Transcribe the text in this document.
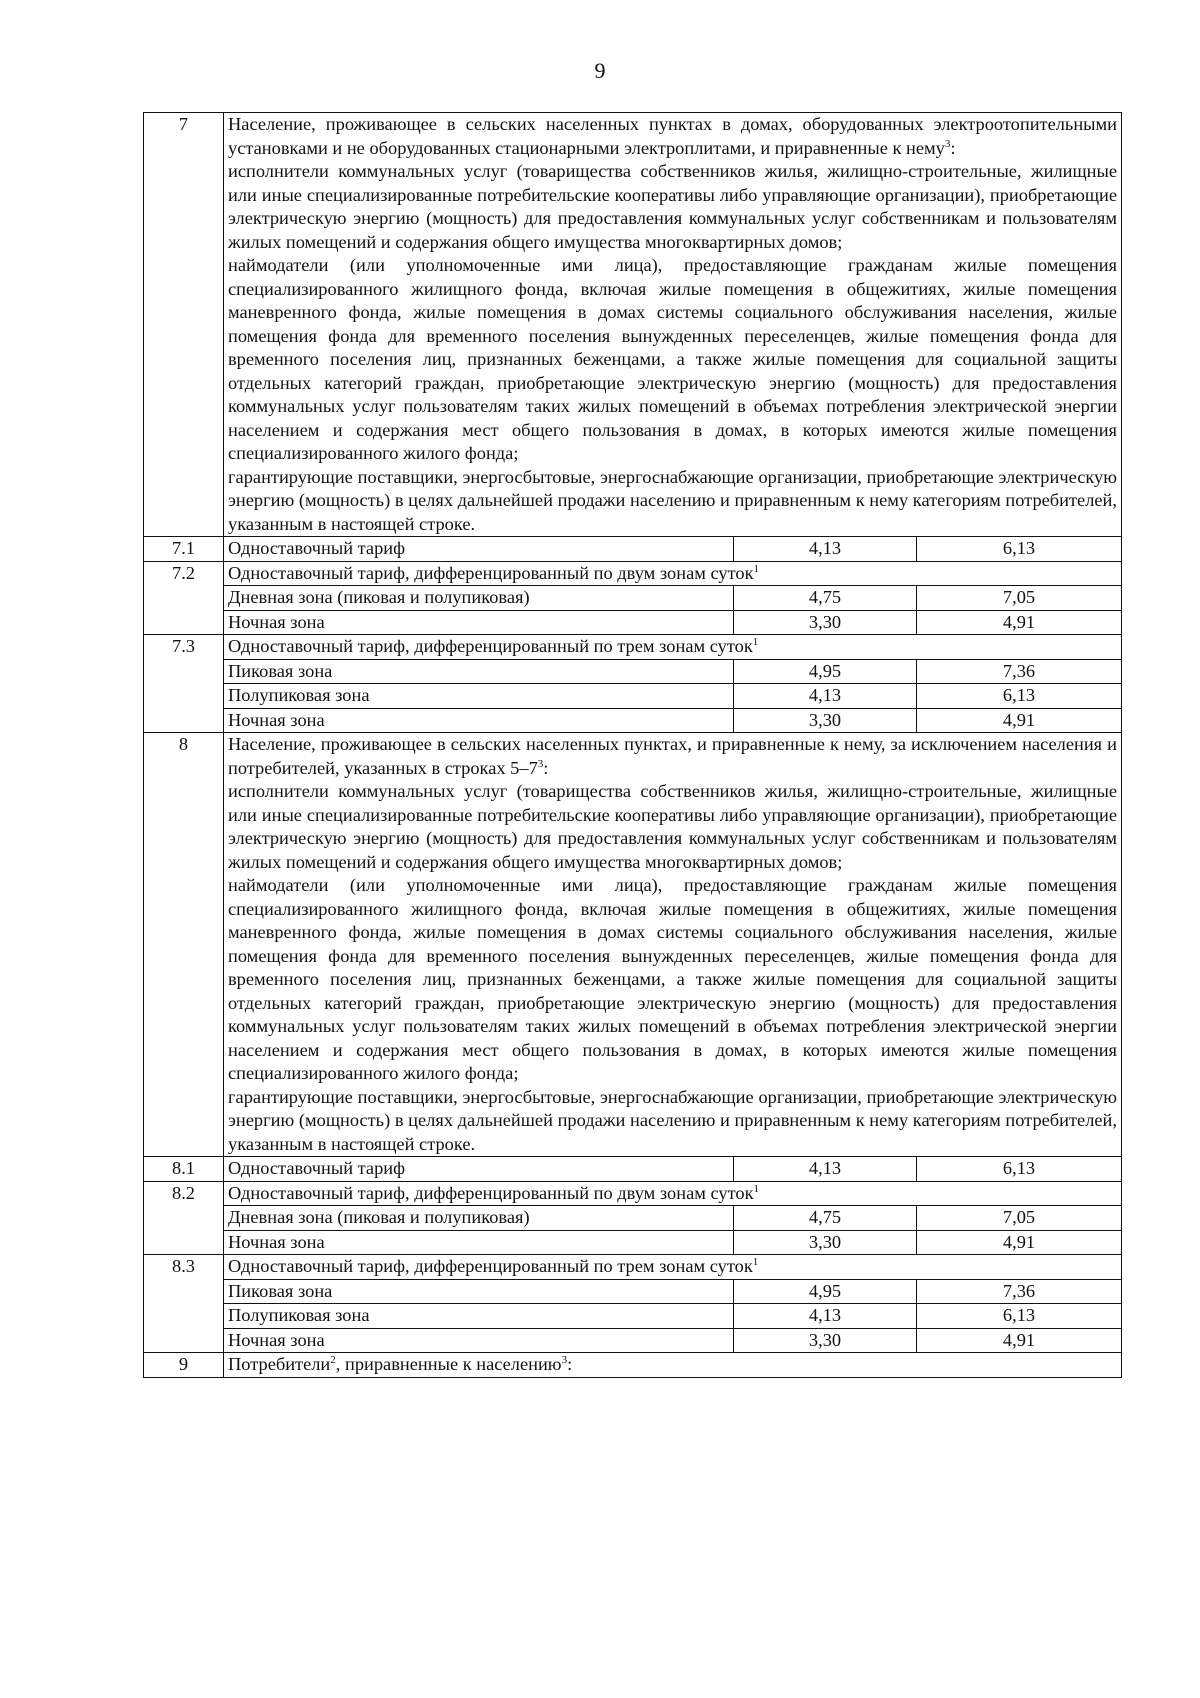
9
7	Население, проживающее в сельских населенных пунктах в домах, оборудованных электроотопительными установками и не оборудованных стационарными электроплитами, и приравненные к нему$^3$:
исполнители коммунальных услуг (товарищества собственников жилья, жилищно-строительные, жилищные или иные специализированные потребительские кооперативы либо управляющие организации), приобретающие электрическую энергию (мощность) для предоставления коммунальных услуг собственникам и пользователям жилых помещений и содержания общего имущества многоквартирных домов;
наймодатели (или уполномоченные ими лица), предоставляющие гражданам жилые помещения специализированного жилищного фонда, включая жилые помещения в общежитиях, жилые помещения маневренного фонда, жилые помещения в домах системы социального обслуживания населения, жилые помещения фонда для временного поселения вынужденных переселенцев, жилые помещения фонда для временного поселения лиц, признанных беженцами, а также жилые помещения для социальной защиты отдельных категорий граждан, приобретающие электрическую энергию (мощность) для предоставления коммунальных услуг пользователям таких жилых помещений в объемах потребления электрической энергии населением и содержания мест общего пользования в домах, в которых имеются жилые помещения специализированного жилого фонда;
гарантирующие поставщики, энергосбытовые, энергоснабжающие организации, приобретающие электрическую энергию (мощность) в целях дальнейшей продажи населению и приравненным к нему категориям потребителей, указанным в настоящей строке.		

7.1	Одноставочный тариф	4,13	6,13
7.2	Одноставочный тариф, дифференцированный по двум зонам суток$^1$
	Дневная зона (пиковая и полупиковая)	4,75	7,05
	Ночная зона	3,30	4,91
7.3	Одноставочный тариф, дифференцированный по трем зонам суток$^1$
	Пиковая зона	4,95	7,36
	Полупиковая зона	4,13	6,13
	Ночная зона	3,30	4,91
8	Население, проживающее в сельских населенных пунктах, и приравненные к нему, за исключением населения и потребителей, указанных в строках $5-7^3$:
исполнители коммунальных услуг (товарищества собственников жилья, жилищно-строительные, жилищные или иные специализированные потребительские кооперативы либо управляющие организации), приобретающие электрическую энергию (мощность) для предоставления коммунальных услуг собственникам и пользователям жилых помещений и содержания общего имущества многоквартирных домов;
наймодатели (или уполномоченные ими лица), предоставляющие гражданам жилые помещения специализированного жилищного фонда, включая жилые помещения в общежитиях, жилые помещения маневренного фонда, жилые помещения в домах системы социального обслуживания населения, жилые помещения фонда для временного поселения вынужденных переселенцев, жилые помещения фонда для временного поселения лиц, признанных беженцами, а также жилые помещения для социальной защиты отдельных категорий граждан, приобретающие электрическую энергию (мощность) для предоставления коммунальных услуг пользователям таких жилых помещений в объемах потребления электрической энергии населением и содержания мест общего пользования в домах, в которых имеются жилые помещения специализированного жилого фонда;
гарантирующие поставщики, энергосбытовые, энергоснабжающие организации, приобретающие электрическую энергию (мощность) в целях дальнейшей продажи населению и приравненным к нему категориям потребителей, указанным в настоящей строке.		

8.1	Одноставочный тариф	4,13	6,13
8.2	Одноставочный тариф, дифференцированный по двум зонам суток$^1$
	Дневная зона (пиковая и полупиковая)	4,75	7,05
	Ночная зона	3,30	4,91
8.3	Одноставочный тариф, дифференцированный по трем зонам суток$^1$
	Пиковая зона	4,95	7,36
	Полупиковая зона	4,13	6,13
	Ночная зона	3,30	4,91
9	Потребители$^2$, приравненные к населению$^3$:		
